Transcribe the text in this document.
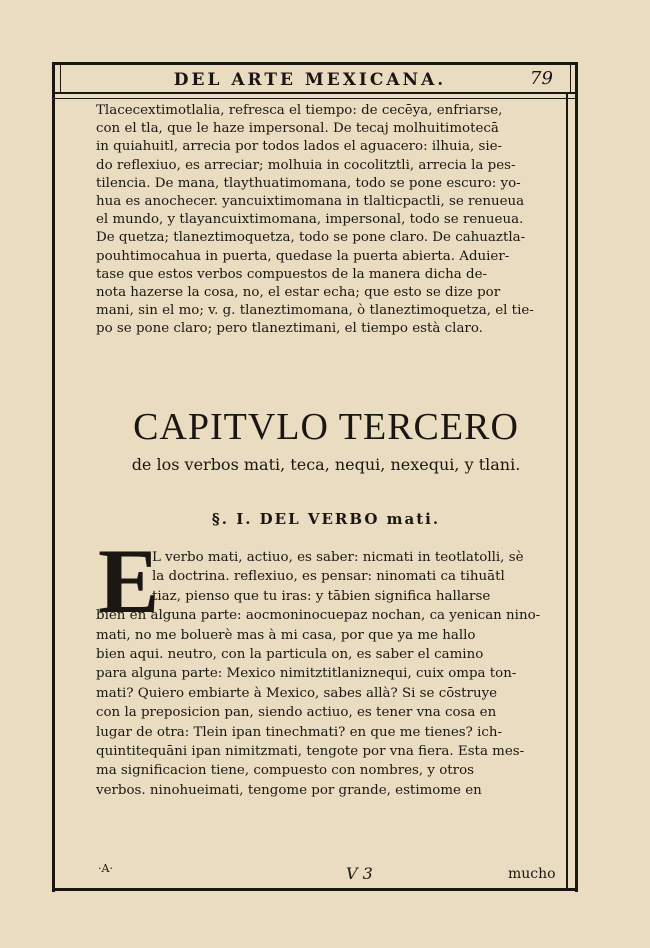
DEL ARTE MEXICANA.	79

Tlacecextimotlalia, refresca el tiempo: de cecēya, enfriarse,

con el tla, que le haze impersonal. De tecaj molhuitimotecā

in quiahuitl, arrecia por todos lados el aguacero: ilhuia, sie-

do reflexiuo, es arreciar; molhuia in cocolitztli, arrecia la pes-

tilencia. De mana, tlaythuatimomana, todo se pone escuro: yo-

hua es anochecer. yancuixtimomana in tlalticpactli, se renueua

el mundo, y tlayancuixtimomana, impersonal, todo se renueua.

De quetza; tlaneztimoquetza, todo se pone claro. De cahuaztla-

pouhtimocahua in puerta, quedase la puerta abierta. Aduier-

tase que estos verbos compuestos de la manera dicha de-

nota hazerse la cosa, no, el estar echa; que esto se dize por

mani, sin el mo; v. g. tlaneztimomana, ò tlaneztimoquetza, el tie-

po se pone claro; pero tlaneztimani, el tiempo està claro.

CAPITVLO TERCERO
de los verbos mati, teca, nequi, nexequi, y tlani.
§. I. DEL VERBO mati.
E
L verbo mati, actiuo, es saber: nicmati in teotlatolli, sè
la doctrina. reflexiuo, es pensar: ninomati ca tihuātl
tiaz, pienso que tu iras: y tābien significa hallarse
bien en alguna parte: aocmoninocuepaz nochan, ca yenican nino-
mati, no me boluerè mas à mi casa, por que ya me hallo
bien aqui. neutro, con la particula on, es saber el camino
para alguna parte: Mexico nimitztitlaniznequi, cuix ompa ton-
mati? Quiero embiarte à Mexico, sabes allà? Si se cōstruye
con la preposicion pan, siendo actiuo, es tener vna cosa en
lugar de otra: Tlein ipan tinechmati? en que me tienes? ich-
quintitequāni ipan nimitzmati, tengote por vna fiera. Esta mes-
ma significacion tiene, compuesto con nombres, y otros
verbos. ninohueimati, tengome por grande, estimome en
·A·	V 3	mucho
